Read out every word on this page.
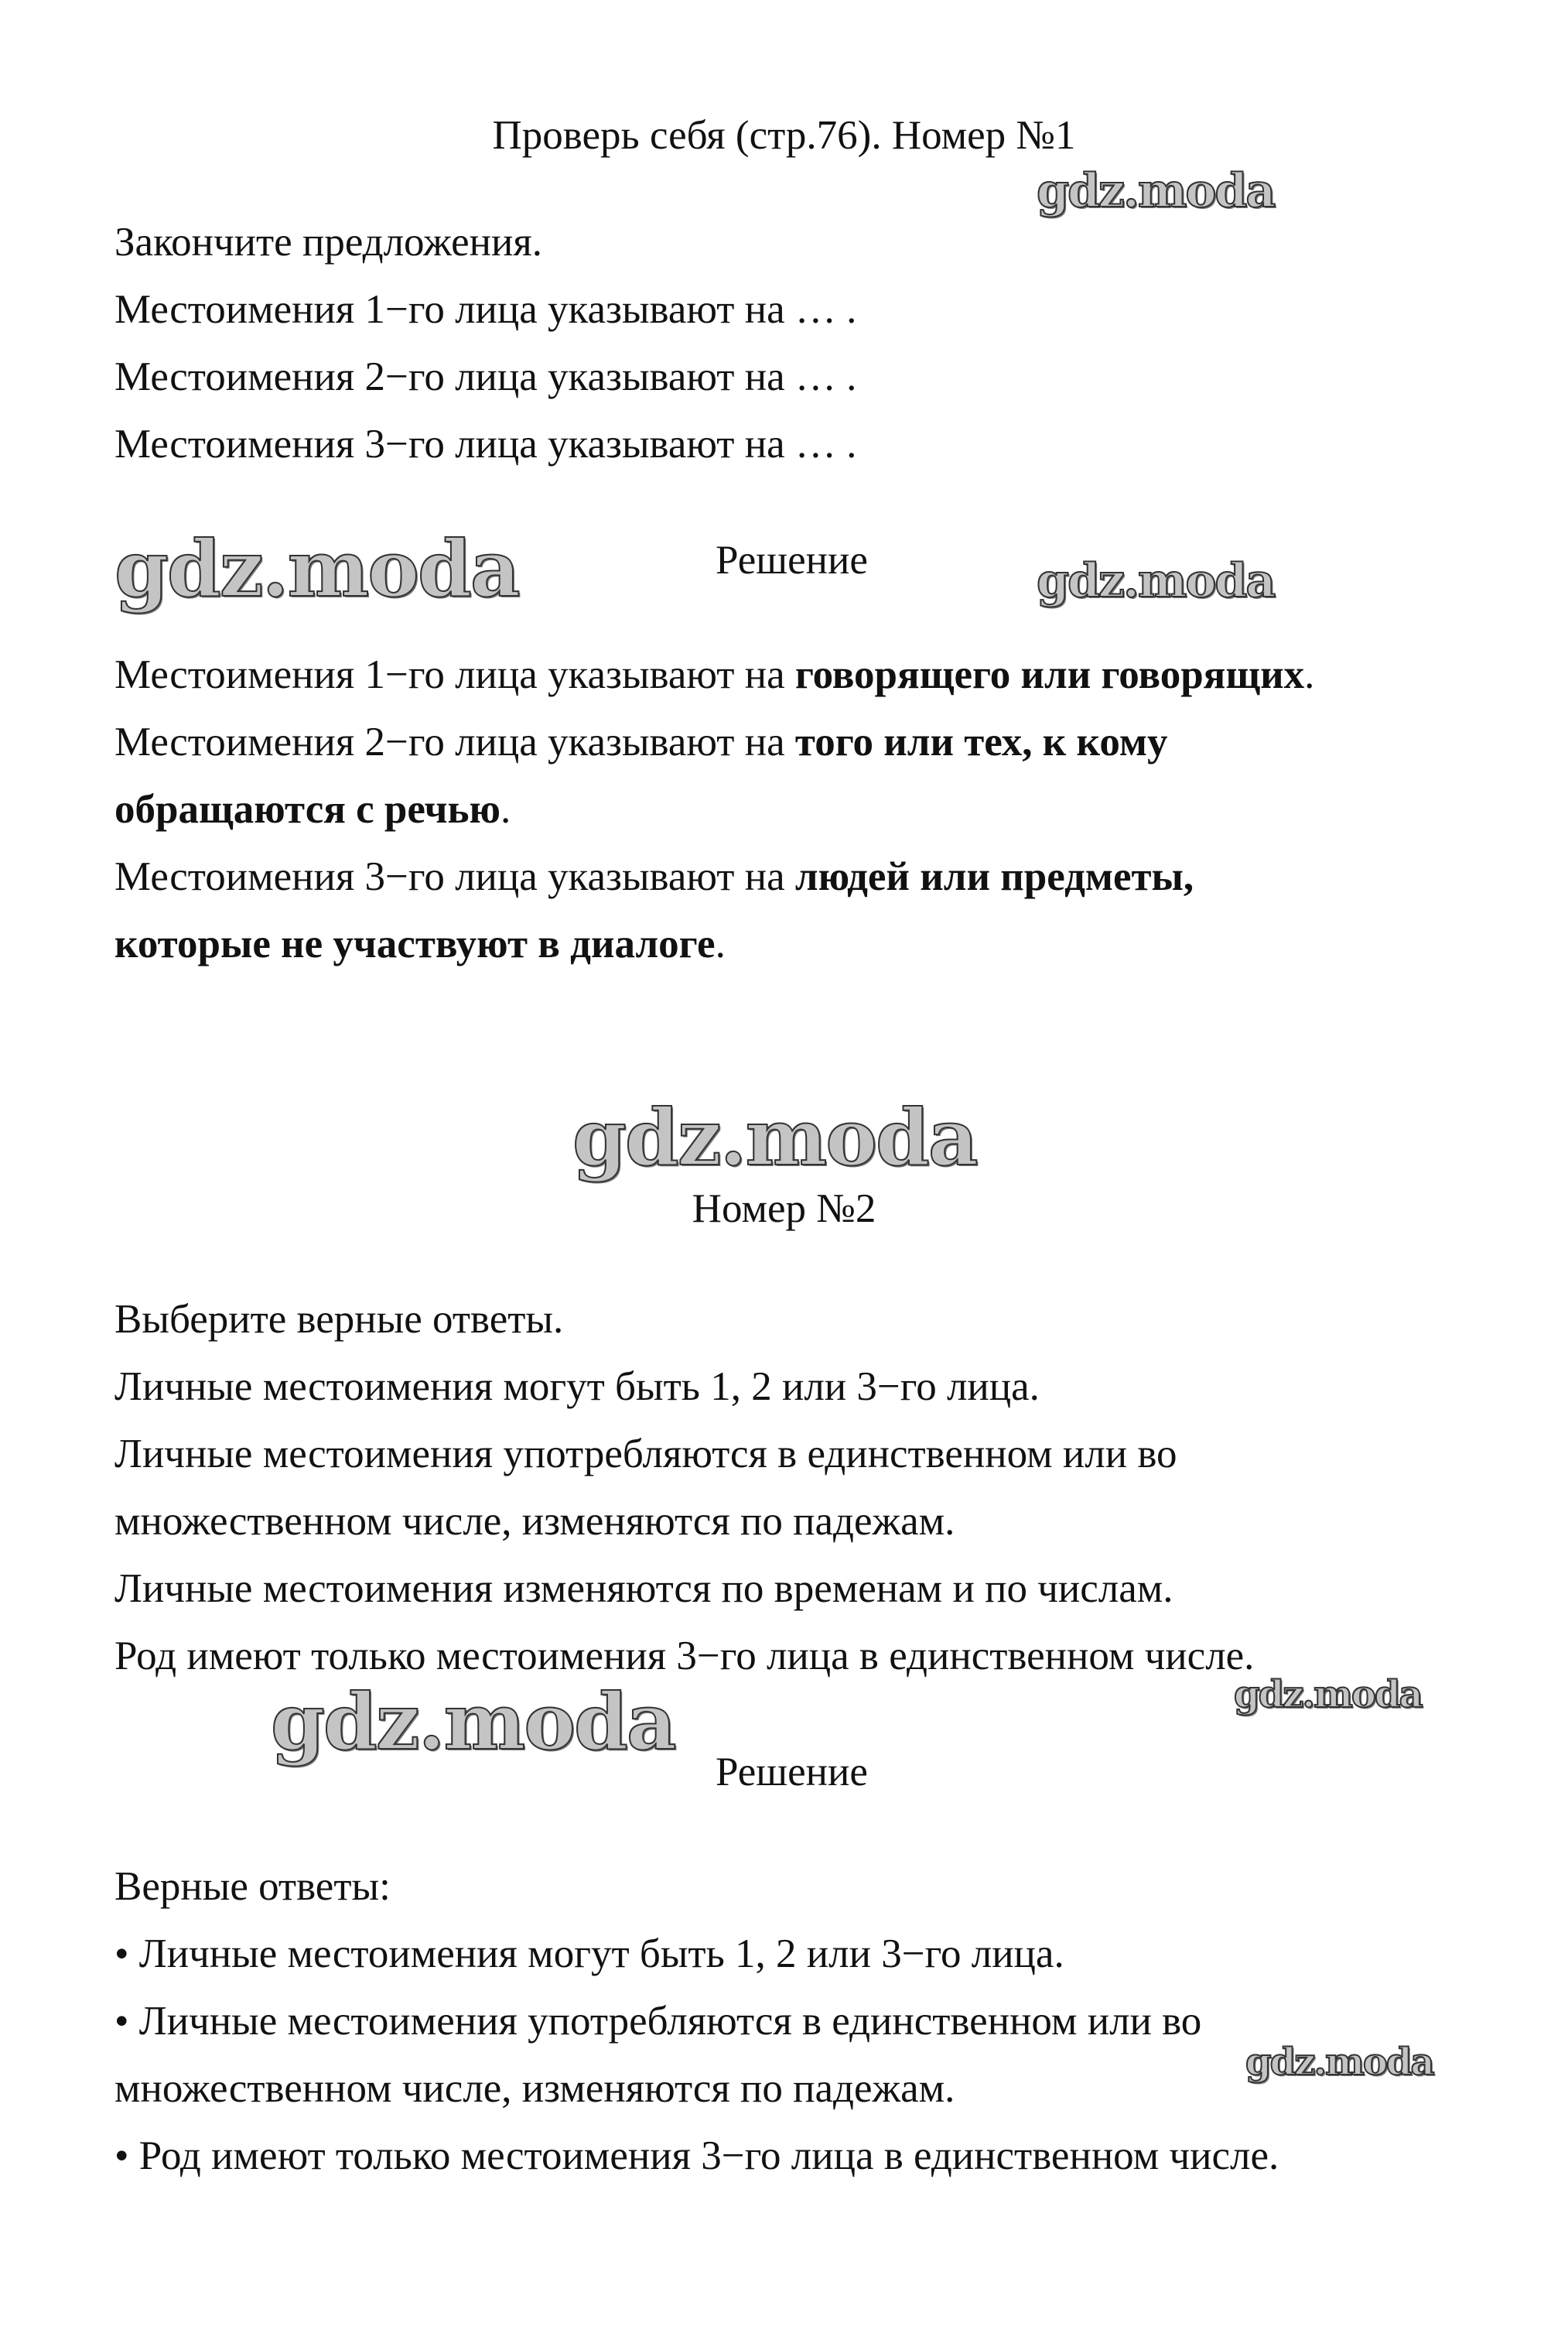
Проверь себя (стр.76). Номер №1

Закончите предложения.

Местоимения 1−го лица указывают на … .

Местоимения 2−го лица указывают на … .

Местоимения 3−го лица указывают на … .

Решение

Местоимения 1−го лица указывают на говорящего или говорящих.

Местоимения 2−го лица указывают на того или тех, к кому

обращаются с речью.

Местоимения 3−го лица указывают на людей или предметы,

которые не участвуют в диалоге.

Номер №2

Выберите верные ответы.

Личные местоимения могут быть 1, 2 или 3−го лица.

Личные местоимения употребляются в единственном или во

множественном числе, изменяются по падежам.

Личные местоимения изменяются по временам и по числам.

Род имеют только местоимения 3−го лица в единственном числе.

Решение

Верные ответы:

• Личные местоимения могут быть 1, 2 или 3−го лица.

• Личные местоимения употребляются в единственном или во

множественном числе, изменяются по падежам.

• Род имеют только местоимения 3−го лица в единственном числе.

gdz.moda
gdz.moda	gdz.moda
gdz.moda
gdz.moda	gdz.moda
gdz.moda
